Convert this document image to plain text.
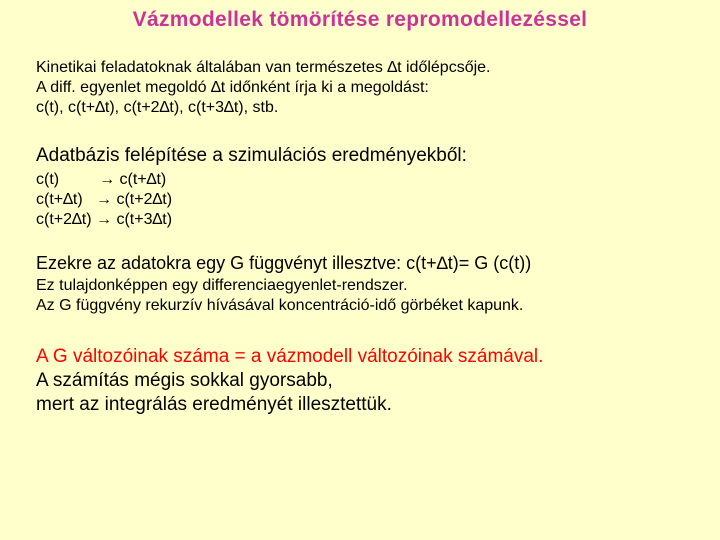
Vázmodellek tömörítése repromodellezéssel
Kinetikai feladatoknak általában van természetes ∆t időlépcsője.
A diff. egyenlet megoldó ∆t időnként írja ki a megoldást:
c(t), c(t+∆t), c(t+2∆t), c(t+3∆t), stb.
Adatbázis felépítése a szimulációs eredményekből:
c(t)         → c(t+∆t)
c(t+∆t)   → c(t+2∆t)
c(t+2∆t) → c(t+3∆t)
Ezekre az adatokra egy G függvényt illesztve: c(t+∆t)= G (c(t))
Ez tulajdonképpen egy differenciaegyenlet-rendszer.
Az G függvény rekurzív hívásával koncentráció-idő görbéket kapunk.
A G változóinak száma = a vázmodell változóinak számával.
A számítás mégis sokkal gyorsabb,
mert az integrálás eredményét illesztettük.
